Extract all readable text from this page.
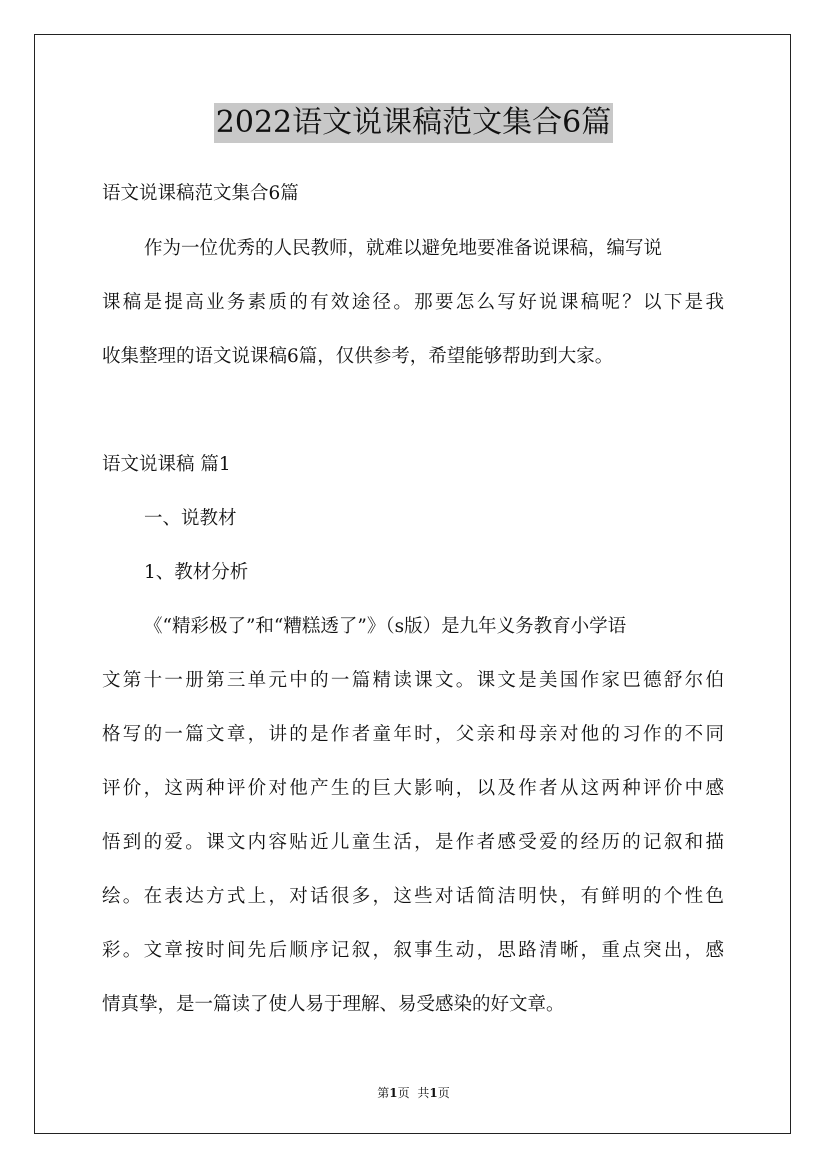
2022语文说课稿范文集合6篇
语文说课稿范文集合6篇
作为一位优秀的人民教师，就难以避免地要准备说课稿，编写说
课稿是提高业务素质的有效途径。那要怎么写好说课稿呢？以下是我
收集整理的语文说课稿6篇，仅供参考，希望能够帮助到大家。
语文说课稿 篇1
一、说教材
1、教材分析
《“精彩极了”和“糟糕透了”》（s版）是九年义务教育小学语
文第十一册第三单元中的一篇精读课文。课文是美国作家巴德舒尔伯
格写的一篇文章，讲的是作者童年时，父亲和母亲对他的习作的不同
评价，这两种评价对他产生的巨大影响，以及作者从这两种评价中感
悟到的爱。课文内容贴近儿童生活，是作者感受爱的经历的记叙和描
绘。在表达方式上，对话很多，这些对话简洁明快，有鲜明的个性色
彩。文章按时间先后顺序记叙，叙事生动，思路清晰，重点突出，感
情真挚，是一篇读了使人易于理解、易受感染的好文章。
第1页 共1页
